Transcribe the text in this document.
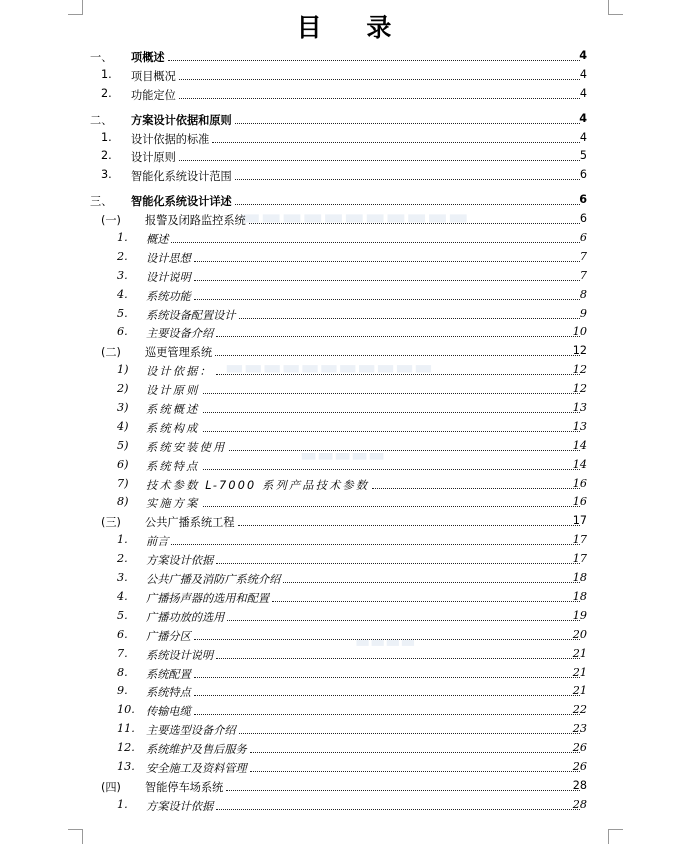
▬▬▬▬▬▬▬▬▬▬▬
▬▬▬▬▬▬▬▬▬▬▬
▬▬▬▬▬
▬▬▬▬
目 录
一、 项概述	4
1. 项目概况	4
2. 功能定位	4
二、 方案设计依据和原则	4
1. 设计依据的标准	4
2. 设计原则	5
3. 智能化系统设计范围	6
三、 智能化系统设计详述	6
(一) 报警及闭路监控系统	6
1. 概述	6
2. 设计思想	7
3. 设计说明	7
4. 系统功能	8
5. 系统设备配置设计	9
6. 主要设备介绍	10
(二) 巡更管理系统	12
1) 设计依据：	12
2) 设计原则	12
3) 系统概述	13
4) 系统构成	13
5) 系统安装使用	14
6) 系统特点	14
7) 技术参数 L-7000 系列产品技术参数	16
8) 实施方案	16
(三) 公共广播系统工程	17
1. 前言	17
2. 方案设计依据	17
3. 公共广播及消防广系统介绍	18
4. 广播扬声器的选用和配置	18
5. 广播功放的选用	19
6. 广播分区	20
7. 系统设计说明	21
8. 系统配置	21
9. 系统特点	21
10. 传输电缆	22
11. 主要选型设备介绍	23
12. 系统维护及售后服务	26
13. 安全施工及资料管理	26
(四) 智能停车场系统	28
1. 方案设计依据	28
